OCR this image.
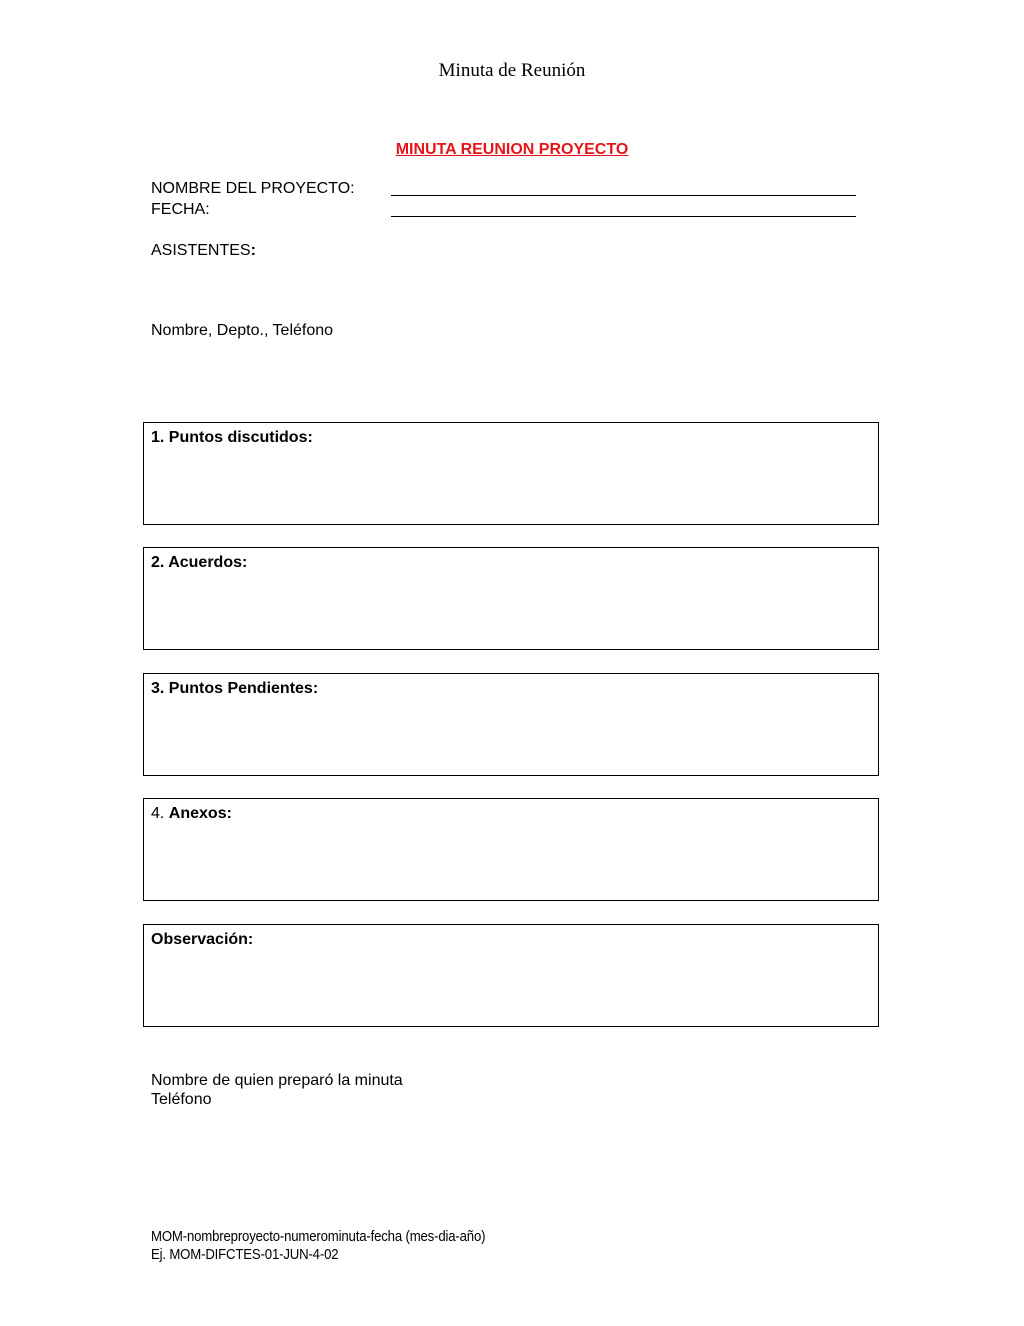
Minuta de Reunión
MINUTA REUNION PROYECTO
NOMBRE DEL PROYECTO:
FECHA:
ASISTENTES:
Nombre, Depto., Teléfono
1. Puntos discutidos:
2. Acuerdos:
3. Puntos Pendientes:
4. Anexos:
Observación:
Nombre de quien preparó la minuta
Teléfono
MOM-nombreproyecto-numerominuta-fecha (mes-dia-año)
Ej. MOM-DIFCTES-01-JUN-4-02
